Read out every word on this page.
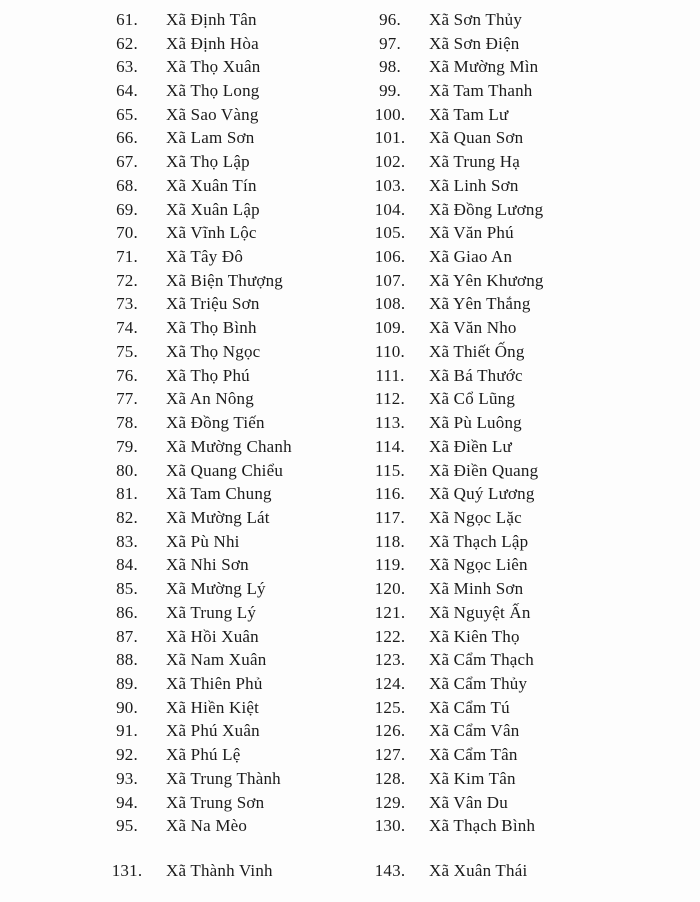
61.	Xã Định Tân
62.	Xã Định Hòa
63.	Xã Thọ Xuân
64.	Xã Thọ Long
65.	Xã Sao Vàng
66.	Xã Lam Sơn
67.	Xã Thọ Lập
68.	Xã Xuân Tín
69.	Xã Xuân Lập
70.	Xã Vĩnh Lộc
71.	Xã Tây Đô
72.	Xã Biện Thượng
73.	Xã Triệu Sơn
74.	Xã Thọ Bình
75.	Xã Thọ Ngọc
76.	Xã Thọ Phú
77.	Xã An Nông
78.	Xã Đồng Tiến
79.	Xã Mường Chanh
80.	Xã Quang Chiểu
81.	Xã Tam Chung
82.	Xã Mường Lát
83.	Xã Pù Nhi
84.	Xã Nhi Sơn
85.	Xã Mường Lý
86.	Xã Trung Lý
87.	Xã Hồi Xuân
88.	Xã Nam Xuân
89.	Xã Thiên Phủ
90.	Xã Hiền Kiệt
91.	Xã Phú Xuân
92.	Xã Phú Lệ
93.	Xã Trung Thành
94.	Xã Trung Sơn
95.	Xã Na Mèo
131.	Xã Thành Vinh
96.	Xã Sơn Thủy
97.	Xã Sơn Điện
98.	Xã Mường Mìn
99.	Xã Tam Thanh
100.	Xã Tam Lư
101.	Xã Quan Sơn
102.	Xã Trung Hạ
103.	Xã Linh Sơn
104.	Xã Đồng Lương
105.	Xã Văn Phú
106.	Xã Giao An
107.	Xã Yên Khương
108.	Xã Yên Thắng
109.	Xã Văn Nho
110.	Xã Thiết Ống
111.	Xã Bá Thước
112.	Xã Cổ Lũng
113.	Xã Pù Luông
114.	Xã Điền Lư
115.	Xã Điền Quang
116.	Xã Quý Lương
117.	Xã Ngọc Lặc
118.	Xã Thạch Lập
119.	Xã Ngọc Liên
120.	Xã Minh Sơn
121.	Xã Nguyệt Ấn
122.	Xã Kiên Thọ
123.	Xã Cẩm Thạch
124.	Xã Cẩm Thủy
125.	Xã Cẩm Tú
126.	Xã Cẩm Vân
127.	Xã Cẩm Tân
128.	Xã Kim Tân
129.	Xã Vân Du
130.	Xã Thạch Bình
143.	Xã Xuân Thái
